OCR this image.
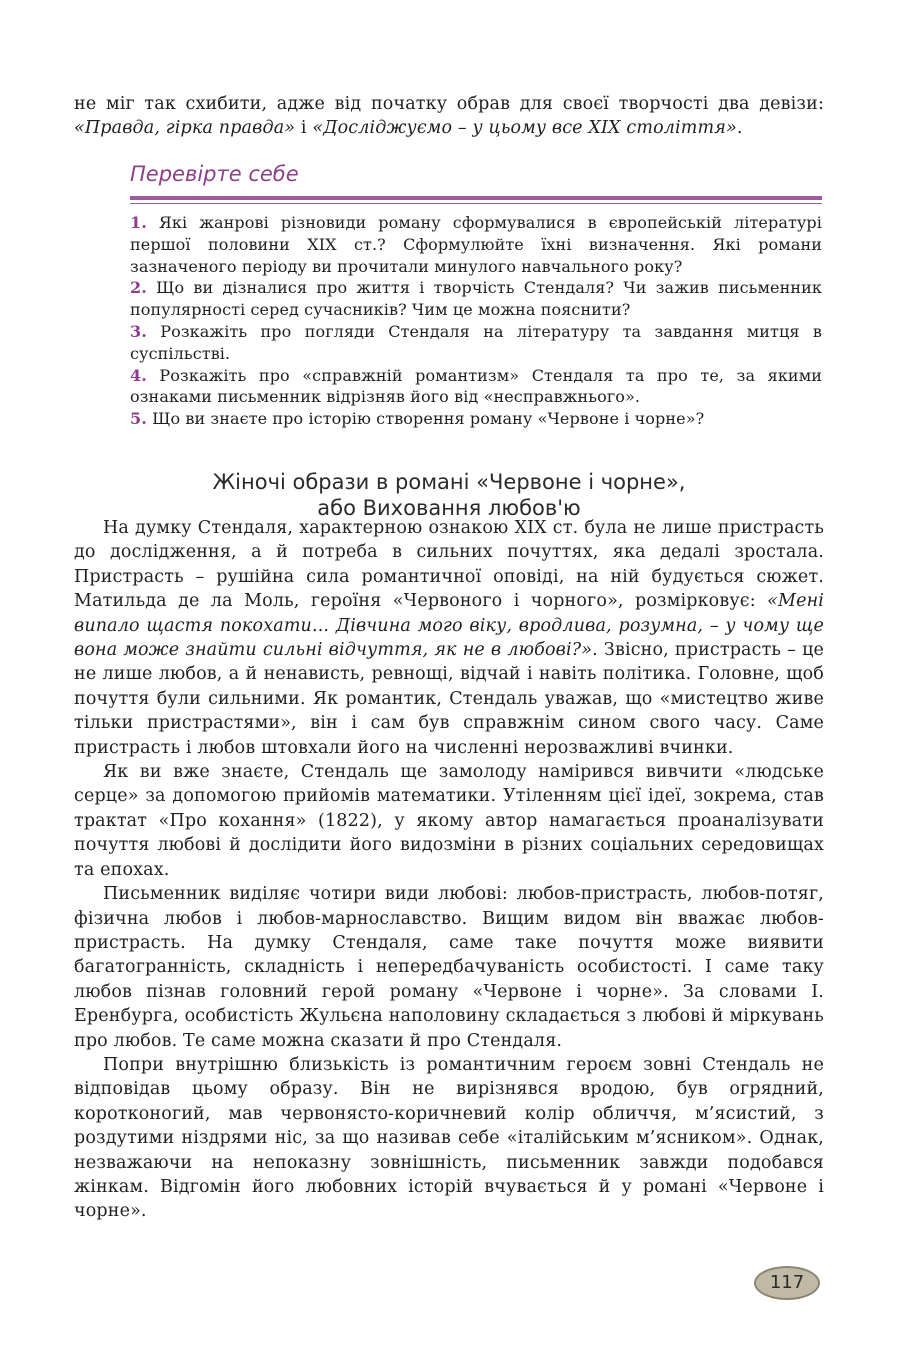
не міг так схибити, адже від початку обрав для своєї творчості два девізи: «Правда, гірка правда» і «Досліджуємо – у цьому все XIX століття».

Перевірте себе

1. Які жанрові різновиди роману сформувалися в європейській літературі першої половини XIX ст.? Сформулюйте їхні визначення. Які романи зазначеного періоду ви прочитали минулого навчального року?

2. Що ви дізналися про життя і творчість Стендаля? Чи зажив письменник популярності серед сучасників? Чим це можна пояснити?

3. Розкажіть про погляди Стендаля на літературу та завдання митця в суспільстві.

4. Розкажіть про «справжній романтизм» Стендаля та про те, за якими ознаками письменник відрізняв його від «несправжнього».

5. Що ви знаєте про історію створення роману «Червоне і чорне»?

Жіночі образи в романі «Червоне і чорне»,
або Виховання любов'ю

На думку Стендаля, характерною ознакою XIX ст. була не лише пристрасть до дослідження, а й потреба в сильних почуттях, яка дедалі зростала. Пристрасть – рушійна сила романтичної оповіді, на ній будується сюжет. Матильда де ла Моль, героїня «Червоного і чорного», розмірковує: «Мені випало щастя покохати... Дівчина мого віку, вродлива, розумна, – у чому ще вона може знайти сильні відчуття, як не в любові?». Звісно, пристрасть – це не лише любов, а й ненависть, ревнощі, відчай і навіть політика. Головне, щоб почуття були сильними. Як романтик, Стендаль уважав, що «мистецтво живе тільки пристрастями», він і сам був справжнім сином свого часу. Саме пристрасть і любов штовхали його на численні нерозважливі вчинки.

Як ви вже знаєте, Стендаль ще замолоду намірився вивчити «людське серце» за допомогою прийомів математики. Утіленням цієї ідеї, зокрема, став трактат «Про кохання» (1822), у якому автор намагається проаналізувати почуття любові й дослідити його видозміни в різних соціальних середовищах та епохах.

Письменник виділяє чотири види любові: любов-пристрасть, любов-потяг, фізична любов і любов-марнославство. Вищим видом він вважає любов-пристрасть. На думку Стендаля, саме таке почуття може виявити багатогранність, складність і непередбачуваність особистості. І саме таку любов пізнав головний герой роману «Червоне і чорне». За словами І. Еренбурга, особистість Жульєна наполовину складається з любові й міркувань про любов. Те саме можна сказати й про Стендаля.

Попри внутрішню близькість із романтичним героєм зовні Стендаль не відповідав цьому образу. Він не вирізнявся вродою, був огрядний, коротконогий, мав червонясто-коричневий колір обличчя, м’ясистий, з роздутими ніздрями ніс, за що називав себе «італійським м’ясником». Однак, незважаючи на непоказну зовнішність, письменник завжди подобався жінкам. Відгомін його любовних історій вчувається й у романі «Червоне і чорне».

117
